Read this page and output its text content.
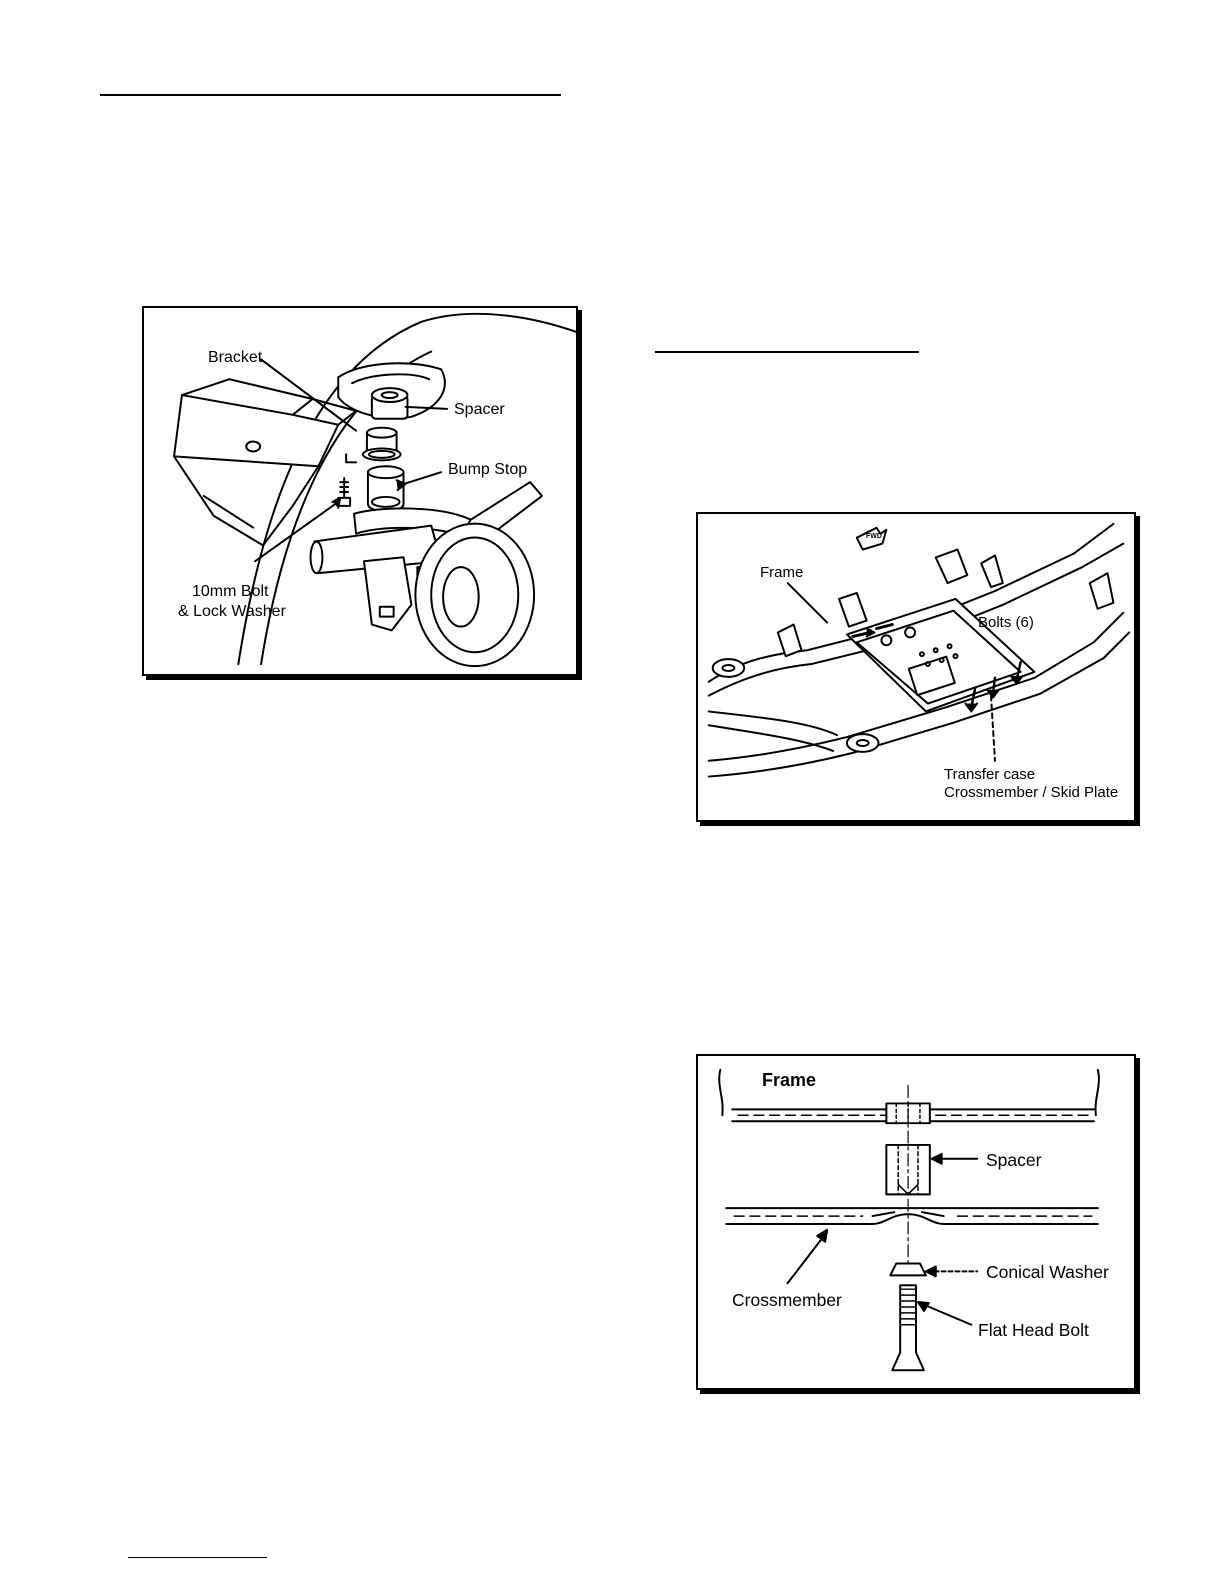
Bracket
Spacer
Bump Stop
10mm Bolt
& Lock Washer
FWD
Frame
Bolts (6)
Transfer case
Crossmember / Skid Plate
Frame
Spacer
Crossmember
Conical Washer
Flat Head Bolt
